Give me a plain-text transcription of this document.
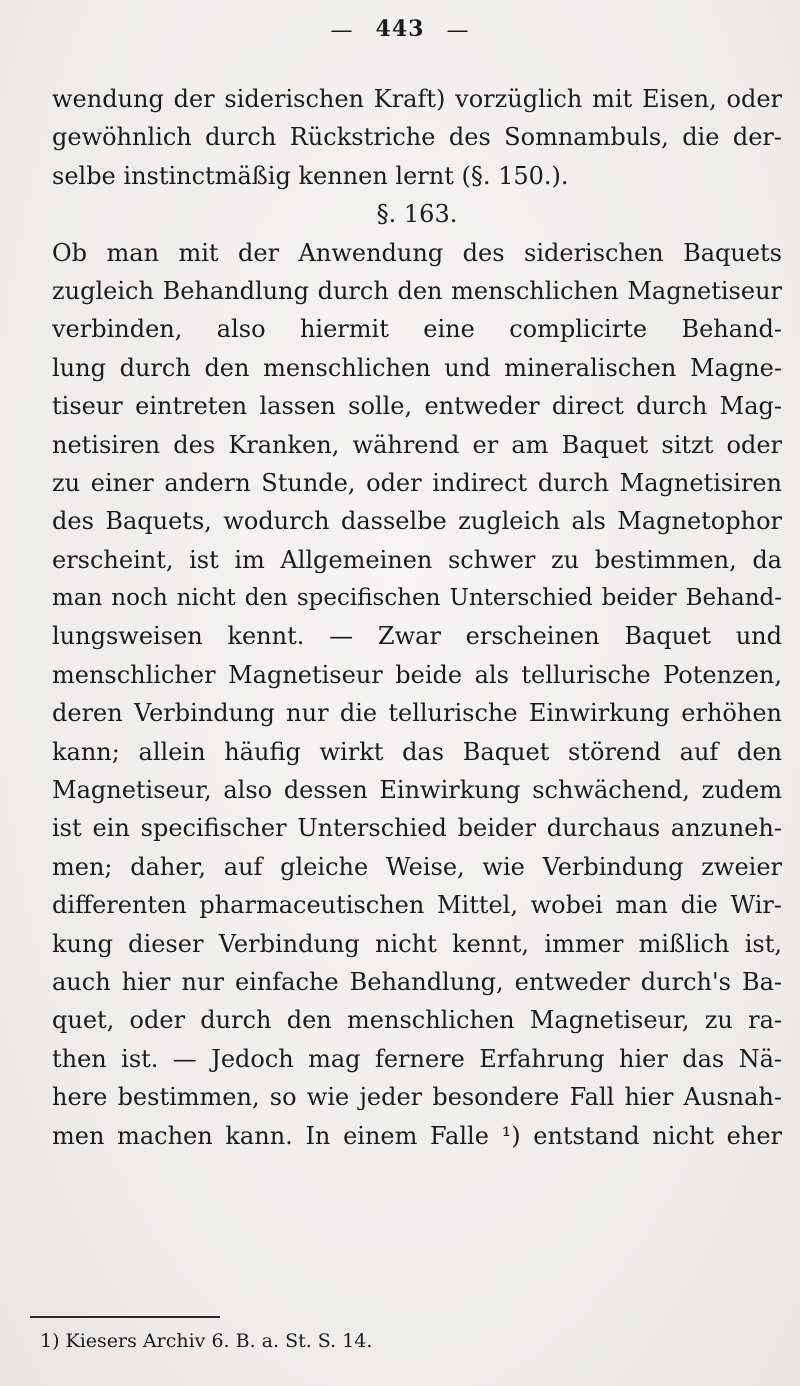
— 443 —
wendung der siderischen Kraft) vorzüglich mit Eisen, oder
gewöhnlich durch Rückstriche des Somnambuls, die der-
selbe instinctmäßig kennen lernt (§. 150.).
§. 163.
Ob man mit der Anwendung des siderischen Baquets
zugleich Behandlung durch den menschlichen Magnetiseur
verbinden, also hiermit eine complicirte Behand-
lung durch den menschlichen und mineralischen Magne-
tiseur eintreten lassen solle, entweder direct durch Mag-
netisiren des Kranken, während er am Baquet sitzt oder
zu einer andern Stunde, oder indirect durch Magnetisiren
des Baquets, wodurch dasselbe zugleich als Magnetophor
erscheint, ist im Allgemeinen schwer zu bestimmen, da
man noch nicht den specifischen Unterschied beider Behand-
lungsweisen kennt. — Zwar erscheinen Baquet und
menschlicher Magnetiseur beide als tellurische Potenzen,
deren Verbindung nur die tellurische Einwirkung erhöhen
kann; allein häufig wirkt das Baquet störend auf den
Magnetiseur, also dessen Einwirkung schwächend, zudem
ist ein specifischer Unterschied beider durchaus anzuneh-
men; daher, auf gleiche Weise, wie Verbindung zweier
differenten pharmaceutischen Mittel, wobei man die Wir-
kung dieser Verbindung nicht kennt, immer mißlich ist,
auch hier nur einfache Behandlung, entweder durch's Ba-
quet, oder durch den menschlichen Magnetiseur, zu ra-
then ist. — Jedoch mag fernere Erfahrung hier das Nä-
here bestimmen, so wie jeder besondere Fall hier Ausnah-
men machen kann. In einem Falle ¹) entstand nicht eher
1) Kiesers Archiv 6. B. a. St. S. 14.
